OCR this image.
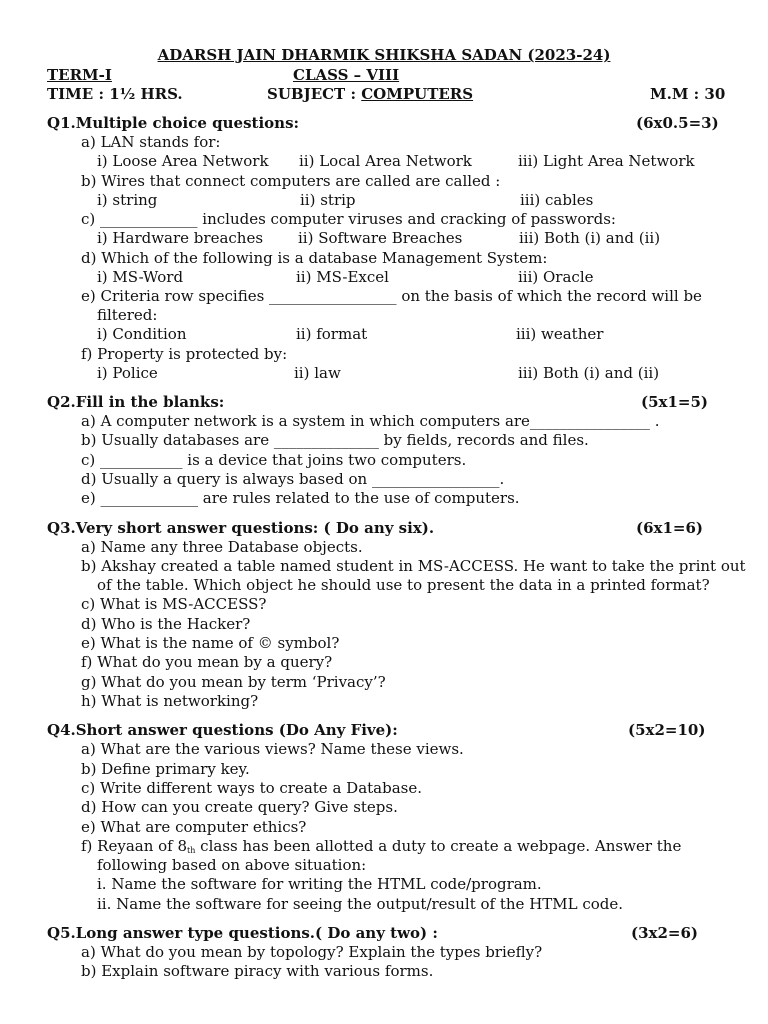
ADARSH JAIN DHARMIK SHIKSHA SADAN (2023-24)
TERM-I	CLASS – VIII
TIME : 1½ HRS.	SUBJECT : COMPUTERS	M.M : 30
Q1.Multiple choice questions:	(6x0.5=3)
a) LAN stands for:
i) Loose Area Network ii) Local Area Network	iii) Light Area Network
b) Wires that connect computers are called are called :
i) string	ii) strip	iii) cables
c) _____________ includes computer viruses and cracking of passwords:
i) Hardware breaches ii) Software Breaches	iii) Both (i) and (ii)
d) Which of the following is a database Management System:
i) MS-Word	ii) MS-Excel	iii) Oracle
e) Criteria row specifies _________________ on the basis of which the record will be
filtered:
i) Condition	ii) format	iii) weather
f) Property is protected by:
i) Police	ii) law	iii) Both (i) and (ii)
Q2.Fill in the blanks:	(5x1=5)
a) A computer network is a system in which computers are________________ .
b) Usually databases are ______________ by fields, records and files.
c) ___________ is a device that joins two computers.
d) Usually a query is always based on _________________.
e) _____________ are rules related to the use of computers.
Q3.Very short answer questions: ( Do any six).	(6x1=6)
a) Name any three Database objects.
b) Akshay created a table named student in MS-ACCESS. He want to take the print out
of the table. Which object he should use to present the data in a printed format?
c) What is MS-ACCESS?
d) Who is the Hacker?
e) What is the name of © symbol?
f) What do you mean by a query?
g) What do you mean by term ‘Privacy’?
h) What is networking?
Q4.Short answer questions (Do Any Five):	(5x2=10)
a) What are the various views? Name these views.
b) Define primary key.
c) Write different ways to create a Database.
d) How can you create query? Give steps.
e) What are computer ethics?
f) Reyaan of 8th class has been allotted a duty to create a webpage. Answer the
following based on above situation:
i. Name the software for writing the HTML code/program.
ii. Name the software for seeing the output/result of the HTML code.
Q5.Long answer type questions.( Do any two) :	(3x2=6)
a) What do you mean by topology? Explain the types briefly?
b) Explain software piracy with various forms.
